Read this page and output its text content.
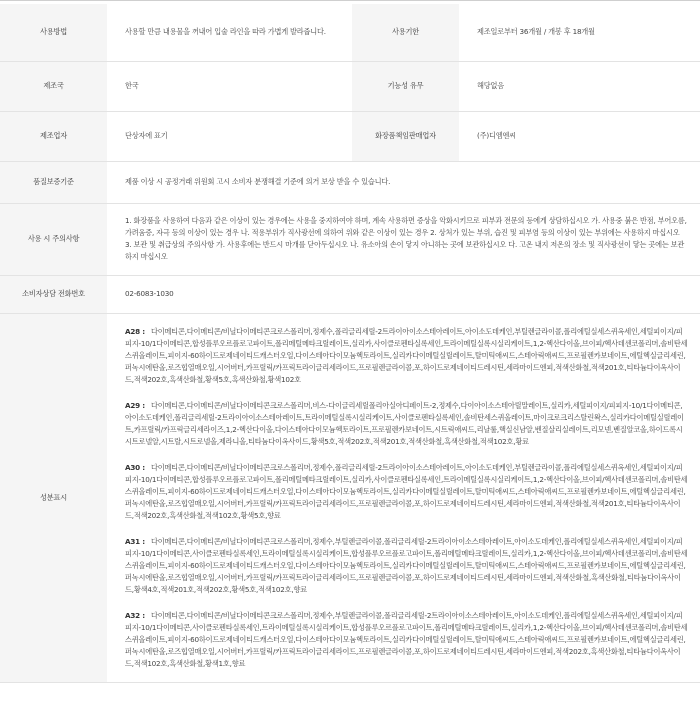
사용방법	사용할 만큼 내용물을 꺼내어 입술 라인을 따라 가볍게 발라줍니다.	사용기한	제조일로부터 36개월 / 개봉 후 18개월
제조국	한국	기능성 유무	해당없음
제조업자	단상자에 표기	화장품책임판매업자	(주)디엠엔씨
품질보증기준	제품 이상 시 공정거래 위원회 고시 소비자 분쟁해결 기준에 의거 보상 받을 수 있습니다.		
사용 시 주의사항	1. 화장품을 사용하여 다음과 같은 이상이 있는 경우에는 사용을 중지하여야 하며, 계속 사용하면 증상을 악화시키므로 피부과 전문의 등에게 상담하십시오 가. 사용중 붉은 반점, 부어오름, 가려움증, 자극 등의 이상이 있는 경우 나. 적용부위가 직사광선에 의하여 위와 같은 이상이 있는 경우 2. 상처가 있는 부위, 습진 및 피부염 등의 이상이 있는 부위에는 사용하지 마십시오 3. 보관 및 취급상의 주의사항 가. 사용후에는 반드시 마개를 닫아두십시오 나. 유소아의 손이 닿지 아니하는 곳에 보관하십시오 다. 고온 내지 저온의 장소 및 직사광선이 닿는 곳에는 보관하지 마십시오		
소비자상담 전화번호	02-6083-1030		
성분표시	A28 : 다이메티콘,다이메티콘/비닐다이메티콘크로스폴리머,정제수,폴리글리세릴-2트라이아이소스테아레이트,아이소도데케인,부틸렌글라이콜,폴리에틸실세스퀴옥세인,세틸피이지/피피지-10/1다이메티콘,합성플루오르플로고파이트,폴리메틸메타크릴레이트,실리카,사이클로펜타실록세인,트라이메틸실록시실리케이트,1,2-헥산다이올,브이피/헥사데센코폴리머,솔비탄세스퀴올레이트,피이지-60하이드로제네이티드캐스터오일,다이스테아다이모늄헥토라이트,실리카다이메틸실릴레이트,탈미틱애씨드,스테아릭애씨드,프로필렌카보네이트,에틸헥실글리세린,퍼녹시에탄올,로즈힙열매오일,시어버터,카프릴릭/카프릭트라이글리세라이드,프로필렌글라이콜,포,하이드로제네이티드레시틴,세라마이드엔피,적색산화철,적색201호,티타늄다이옥사이드,적색202호,흑색산화철,황색5호,흑색산화철,황색102호
A29 : 다이메티콘,다이메티콘/비닐다이메티콘크로스폴리머,비스-다이글리세릴폴리아실아디페이트-2,정제수,다이아이소스테아릴말레이트,실리카,세틸피이지/피피지-10/1다이메티콘,아이소도데케인,폴리글리세릴-2트라이아이소스테아레이트,트라이메틸실록시실리케이트,사이클로펜타실록세인,솔비탄세스퀴올레이트,마이크로크리스탈린왁스,실리카다이메틸실릴레이트,카프릴릭/카프릭글리세라이즈,1,2-헥산다이올,다이스테아다이모늄헥토라이트,프로필렌카보네이트,시트릭애씨드,리날룰,핵실신남알,벤질살리실레이트,리모넨,벤질알코올,하이드록시시트로넬알,시트랄,시트로넬올,제라니올,티타늄다이옥사이드,황색5호,적색202호,적색201호,적색산화철,흑색산화철,적색102호,황료
A30 : 다이메티콘,다이메티콘/비닐다이메티콘크로스폴리머,정제수,폴리글리세릴-2트라이아이소스테아레이트,아이소도데케인,부틸렌글라이콜,폴리에틸실세스퀴옥세인,세틸피이지/피피지-10/1다이메티콘,합성플루오르플로고파이트,폴리메틸메타크릴레이트,실리카,사이클로펜타실록세인,트라이메틸실록시실리케이트,1,2-헥산다이올,브이피/헥사데센코폴리머,솔비탄세스퀴올레이트,피이지-60하이드로제네이티드캐스터오일,다이스테아다이모늄헥토라이트,실리카다이메틸실릴레이트,탈미틱애씨드,스테아릭애씨드,프로필렌카보네이트,에틸헥실글리세린,퍼녹시에탄올,로즈힙열매오일,시어버터,카프릴릭/카프릭트라이글리세라이드,프로필렌글라이콜,포,하이드로제네이티드레시틴,세라마이드엔피,적색산화철,적색201호,티타늄다이옥사이드,적색202호,흑색산화철,적색102호,황색5호,향료
A31 : 다이메티콘,다이메티콘/비닐다이메티콘크로스폴리머,정제수,부틸렌글라이콜,폴리글리세릴-2트라이아이소스테아레이트,아이소도데케인,폴리에틸실세스퀴옥세인,세틸피이지/피피지-10/1다이메티콘,사이클로펜타실록세인,트라이메틸실록시실리케이트,합성플루오르플로고파이트,폴리메틸메타크릴레이트,실리카,1,2-헥산다이올,브이피/헥사데센코폴리머,솔비탄세스퀴올레이트,피이지-60하이드로제네이티드캐스터오일,다이스테아다이모늄헥토라이트,실리카다이메틸실릴레이트,탈미틱애씨드,스테아릭애씨드,프로필렌카보네이트,에틸헥실글리세린,퍼녹시에탄올,로즈힙열매오일,시어버터,카프릴릭/카프릭트라이글리세라이드,프로필렌글라이콜,포,하이드로제네이티드레시틴,세라마이드엔피,적색산화철,흑색산화철,티타늄다이옥사이드,황색4호,적색201호,적색202호,황색5호,적색102호,향료
A32 : 다이메티콘,다이메티콘/비닐다이메티콘크로스폴리머,정제수,부틸렌글라이콜,폴리글리세릴-2트라이아이소스테아레이트,아이소도데케인,폴리에틸실세스퀴옥세인,세틸피이지/피피지-10/1다이메티콘,사이클로펜타실록세인,트라이메틸실록시실리케이트,합성플루오르플로고파이트,폴리메틸메타크릴레이트,실리카,1,2-헥산다이올,브이피/헥사데센코폴리머,솔비탄세스퀴올레이트,피이지-60하이드로제네이티드캐스터오일,다이스테아다이모늄헥토라이트,실리카다이메틸실릴레이트,탈미틱애씨드,스테아릭애씨드,프로필렌카보네이트,에틸헥실글리세린,퍼녹시에탄올,로즈힙열매오일,시어버터,카프릴릭/카프릭트라이글리세라이드,프로필렌글라이콜,포,하이드로제네이티드레시틴,세라마이드엔피,적색202호,흑색산화철,티타늄다이옥사이드,적색102호,흑색산화철,황색1호,향료		
